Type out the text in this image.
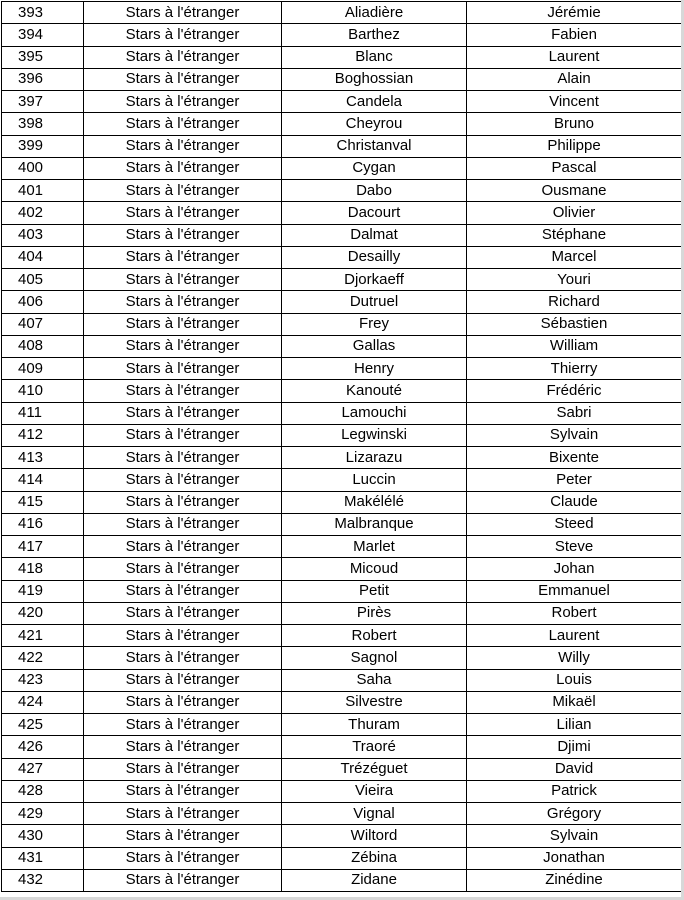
393	Stars à l'étranger	Aliadière	Jérémie
394	Stars à l'étranger	Barthez	Fabien
395	Stars à l'étranger	Blanc	Laurent
396	Stars à l'étranger	Boghossian	Alain
397	Stars à l'étranger	Candela	Vincent
398	Stars à l'étranger	Cheyrou	Bruno
399	Stars à l'étranger	Christanval	Philippe
400	Stars à l'étranger	Cygan	Pascal
401	Stars à l'étranger	Dabo	Ousmane
402	Stars à l'étranger	Dacourt	Olivier
403	Stars à l'étranger	Dalmat	Stéphane
404	Stars à l'étranger	Desailly	Marcel
405	Stars à l'étranger	Djorkaeff	Youri
406	Stars à l'étranger	Dutruel	Richard
407	Stars à l'étranger	Frey	Sébastien
408	Stars à l'étranger	Gallas	William
409	Stars à l'étranger	Henry	Thierry
410	Stars à l'étranger	Kanouté	Frédéric
411	Stars à l'étranger	Lamouchi	Sabri
412	Stars à l'étranger	Legwinski	Sylvain
413	Stars à l'étranger	Lizarazu	Bixente
414	Stars à l'étranger	Luccin	Peter
415	Stars à l'étranger	Makélélé	Claude
416	Stars à l'étranger	Malbranque	Steed
417	Stars à l'étranger	Marlet	Steve
418	Stars à l'étranger	Micoud	Johan
419	Stars à l'étranger	Petit	Emmanuel
420	Stars à l'étranger	Pirès	Robert
421	Stars à l'étranger	Robert	Laurent
422	Stars à l'étranger	Sagnol	Willy
423	Stars à l'étranger	Saha	Louis
424	Stars à l'étranger	Silvestre	Mikaël
425	Stars à l'étranger	Thuram	Lilian
426	Stars à l'étranger	Traoré	Djimi
427	Stars à l'étranger	Trézéguet	David
428	Stars à l'étranger	Vieira	Patrick
429	Stars à l'étranger	Vignal	Grégory
430	Stars à l'étranger	Wiltord	Sylvain
431	Stars à l'étranger	Zébina	Jonathan
432	Stars à l'étranger	Zidane	Zinédine
